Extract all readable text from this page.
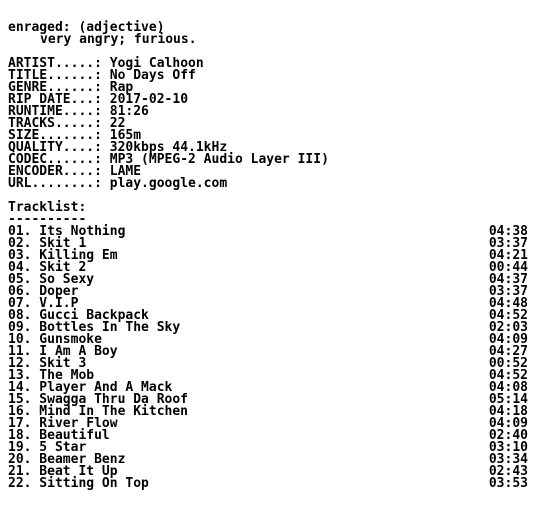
enraged: (adjective)
very angry; furious.
ARTIST.....: Yogi Calhoon
TITLE......: No Days Off
GENRE......: Rap
RIP DATE...: 2017-02-10
RUNTIME....: 81:26
TRACKS.....: 22
SIZE.......: 165m
QUALITY....: 320kbps 44.1kHz
CODEC......: MP3 (MPEG-2 Audio Layer III)
ENCODER....: LAME
URL........: play.google.com
Tracklist:
----------
01. Its Nothing	04:38
02. Skit 1	03:37
03. Killing Em	04:21
04. Skit 2	00:44
05. So Sexy	04:37
06. Doper	03:37
07. V.I.P	04:48
08. Gucci Backpack	04:52
09. Bottles In The Sky	02:03
10. Gunsmoke	04:09
11. I Am A Boy	04:27
12. Skit 3	00:52
13. The Mob	04:52
14. Player And A Mack	04:08
15. Swagga Thru Da Roof	05:14
16. Mind In The Kitchen	04:18
17. River Flow	04:09
18. Beautiful	02:40
19. 5 Star	03:10
20. Beamer Benz	03:34
21. Beat It Up	02:43
22. Sitting On Top	03:53
